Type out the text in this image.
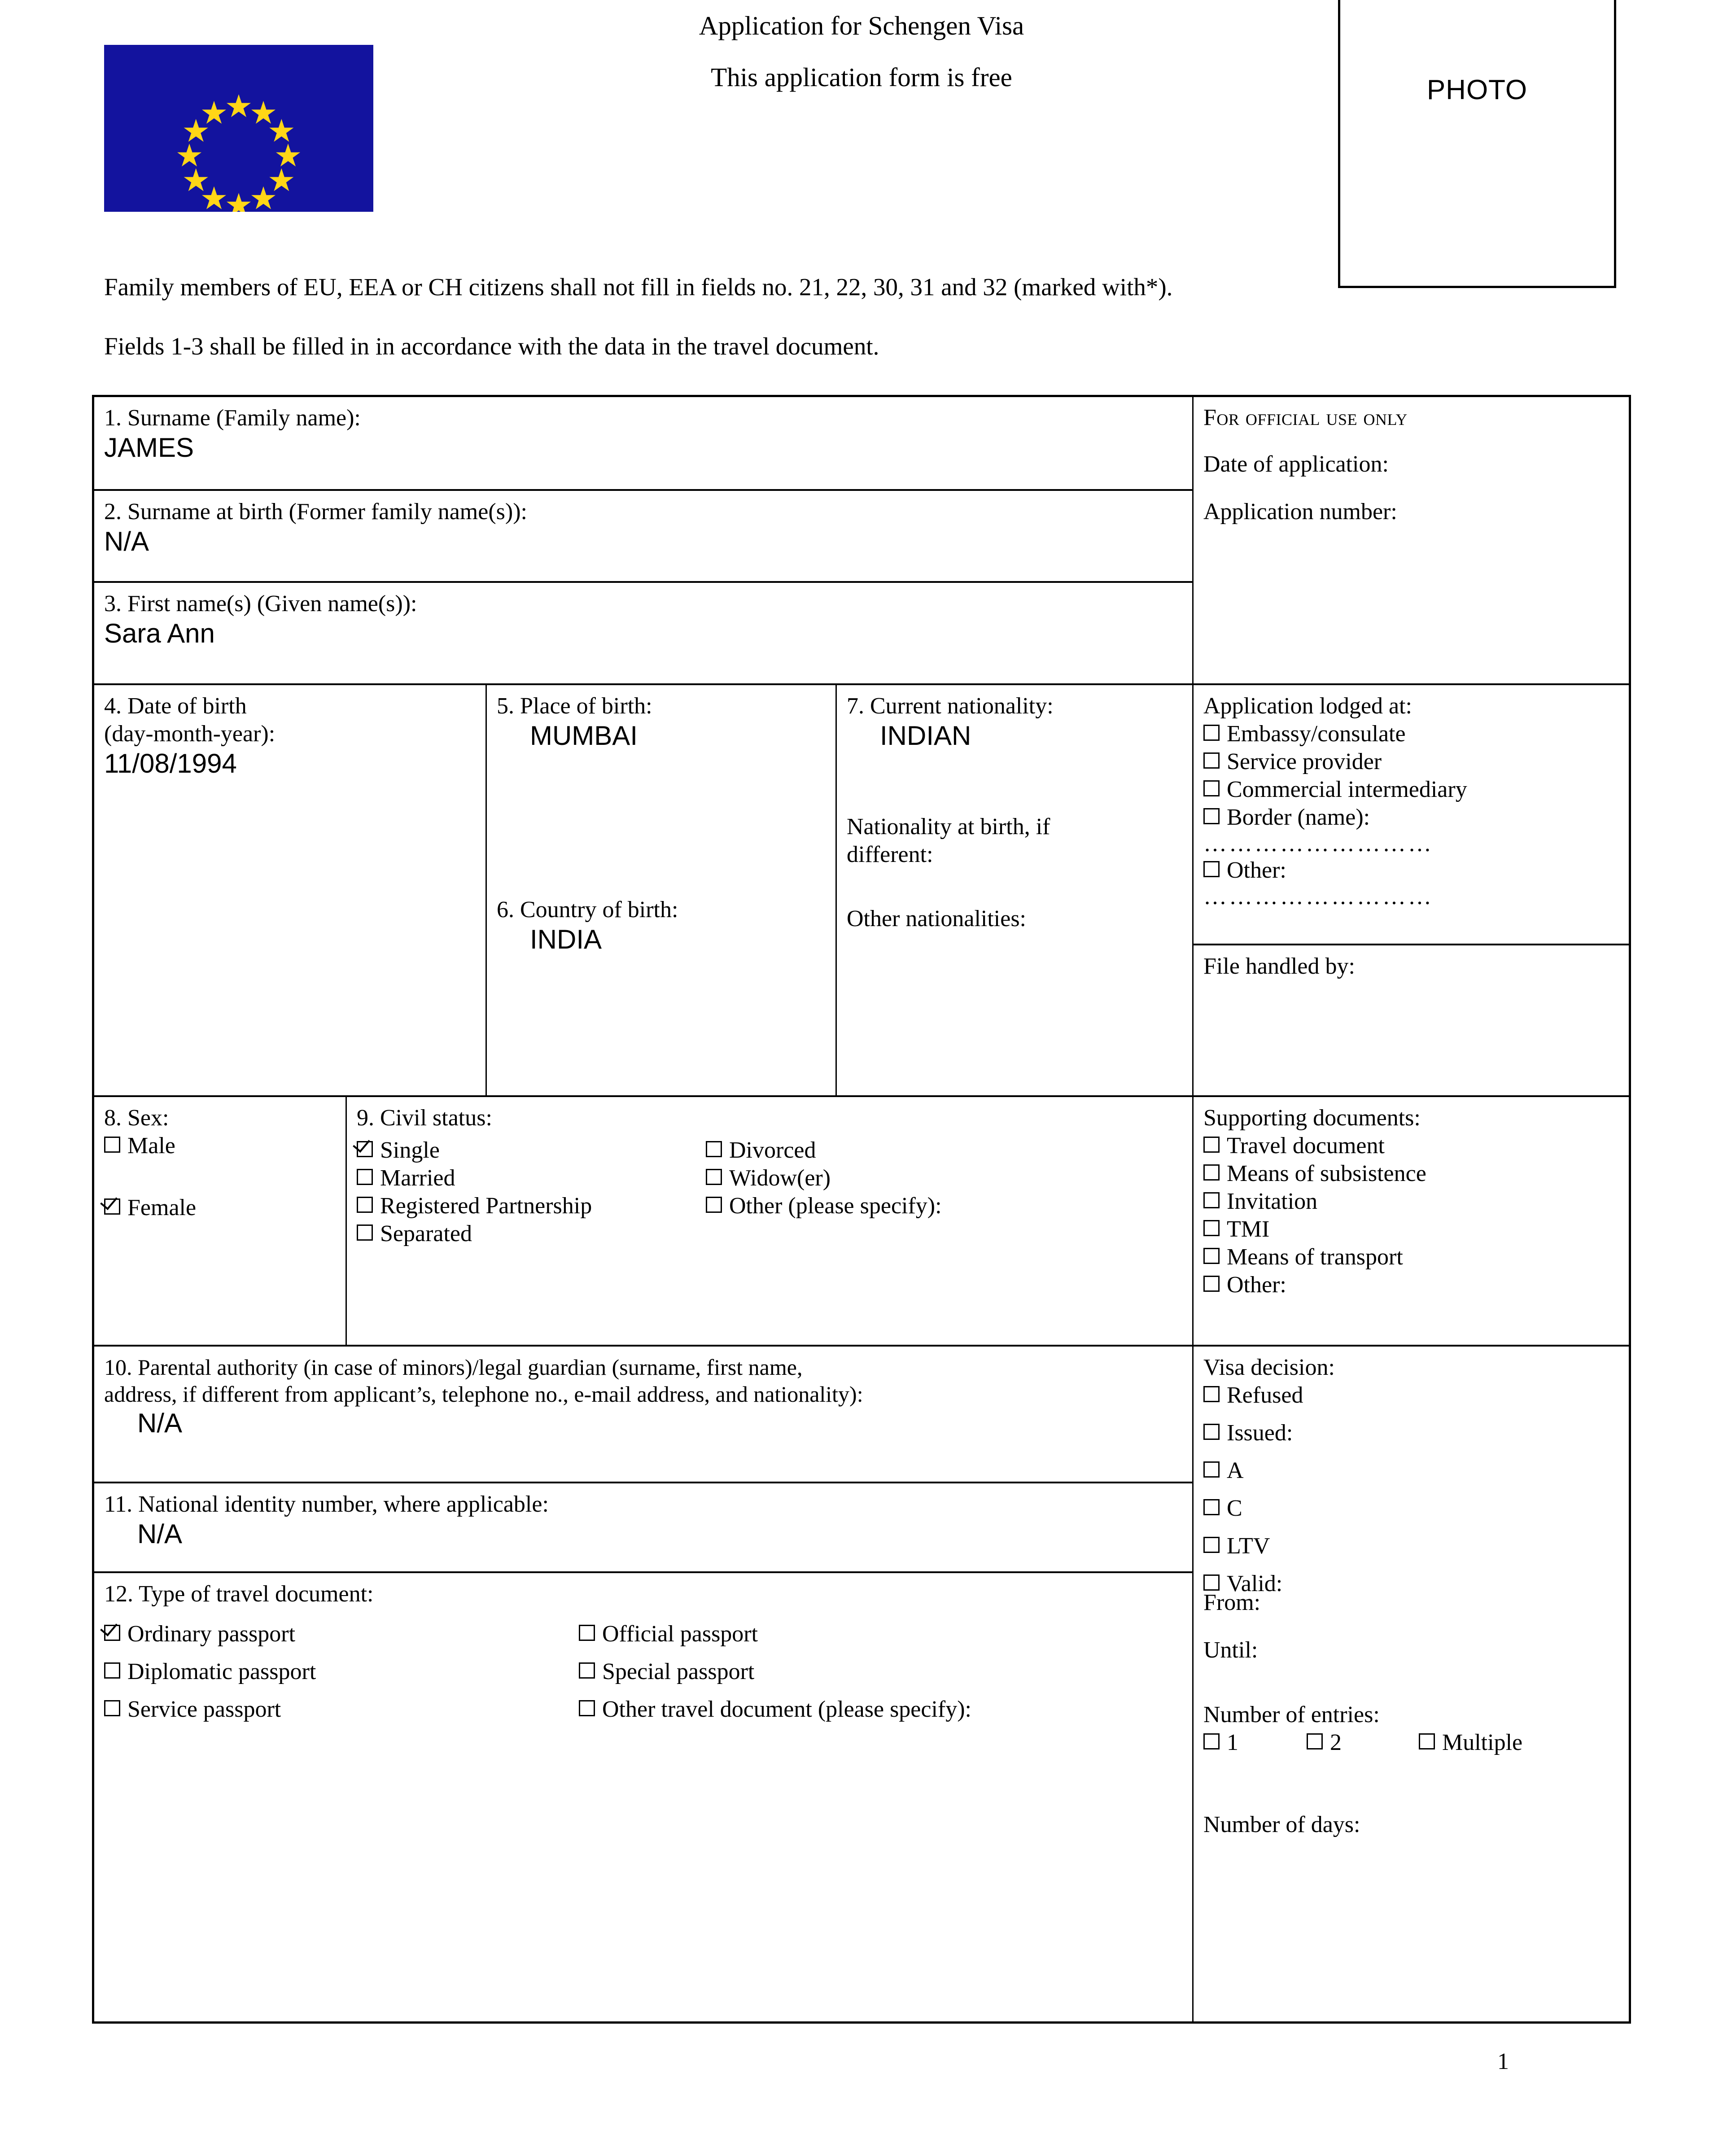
Application for Schengen Visa
This application form is free	PHOTO
Family members of EU, EEA or CH citizens shall not fill in fields no. 21, 22, 30, 31 and 32 (marked with*).
Fields 1-3 shall be filled in in accordance with the data in the travel document.
1. Surname (Family name):
JAMES
2. Surname at birth (Former family name(s)):
N/A
3. First name(s) (Given name(s)):
Sara Ann
4. Date of birth
(day-month-year):
11/08/1994
5. Place of birth:
MUMBAI
6. Country of birth:
INDIA
7. Current nationality:
INDIAN
Nationality at birth, if
different:
Other nationalities:
8. Sex:
Male
Female
9. Civil status:
Single
Married
Registered Partnership
Separated
Divorced
Widow(er)
Other (please specify):
10. Parental authority (in case of minors)/legal guardian (surname, first name,
address, if different from applicant’s, telephone no., e-mail address, and nationality):
N/A
11. National identity number, where applicable:
N/A
12. Type of travel document:
Ordinary passport
Diplomatic passport
Service passport
Official passport
Special passport
Other travel document (please specify):
For official use only
Date of application:
Application number:
Application lodged at:
Embassy/consulate
Service provider
Commercial intermediary
Border (name):
………………………
Other:
………………………
File handled by:
Supporting documents:
Travel document
Means of subsistence
Invitation
TMI
Means of transport
Other:
Visa decision:
Refused
Issued:
A
C
LTV
Valid:
From:
Until:
Number of entries:
1	2	Multiple
Number of days:
1
